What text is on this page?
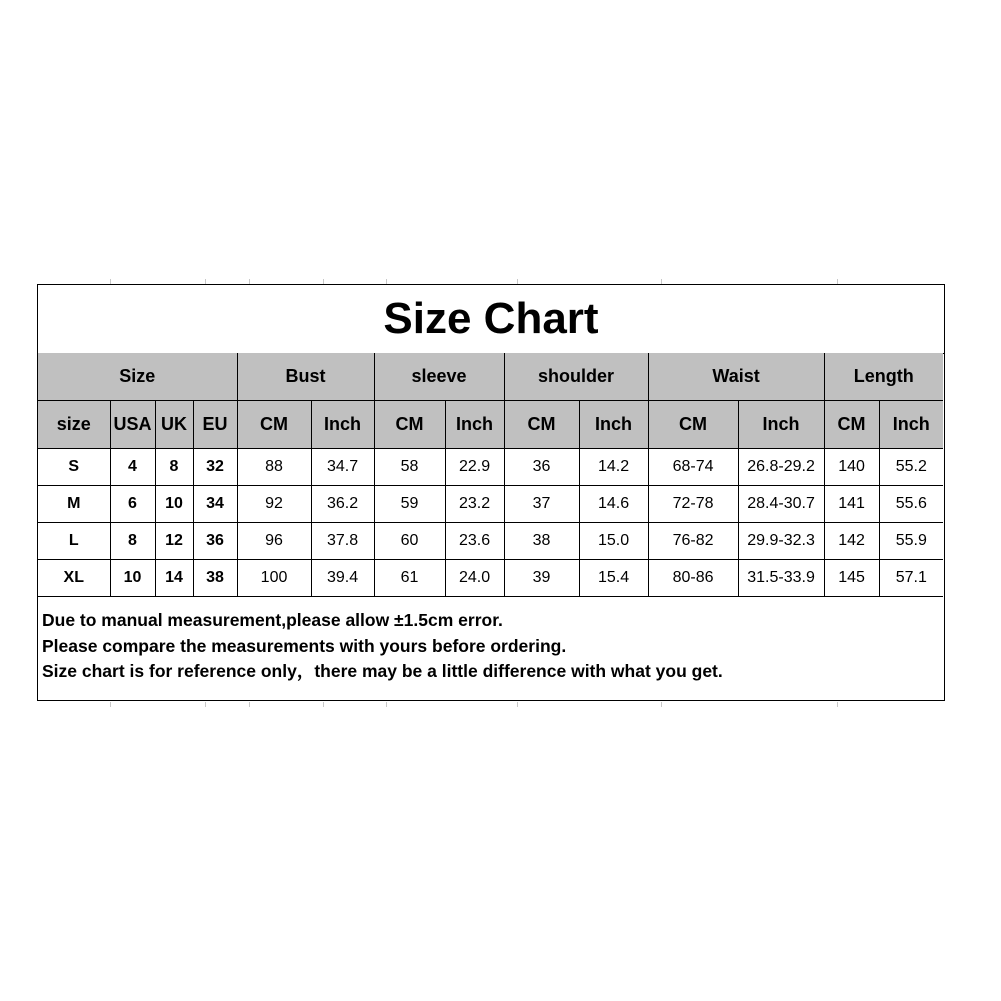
Size Chart
Size				Bust		sleeve		shoulder		Waist		Length	
size	USA	UK	EU	CM	Inch	CM	Inch	CM	Inch	CM	Inch	CM	Inch
S	4	8	32	88	34.7	58	22.9	36	14.2	68-74	26.8-29.2	140	55.2
M	6	10	34	92	36.2	59	23.2	37	14.6	72-78	28.4-30.7	141	55.6
L	8	12	36	96	37.8	60	23.6	38	15.0	76-82	29.9-32.3	142	55.9
XL	10	14	38	100	39.4	61	24.0	39	15.4	80-86	31.5-33.9	145	57.1
Due to manual measurement,please allow ±1.5cm error.
Please compare the measurements with yours before ordering.
Size chart is for reference only，there may be a little difference with what you get.
